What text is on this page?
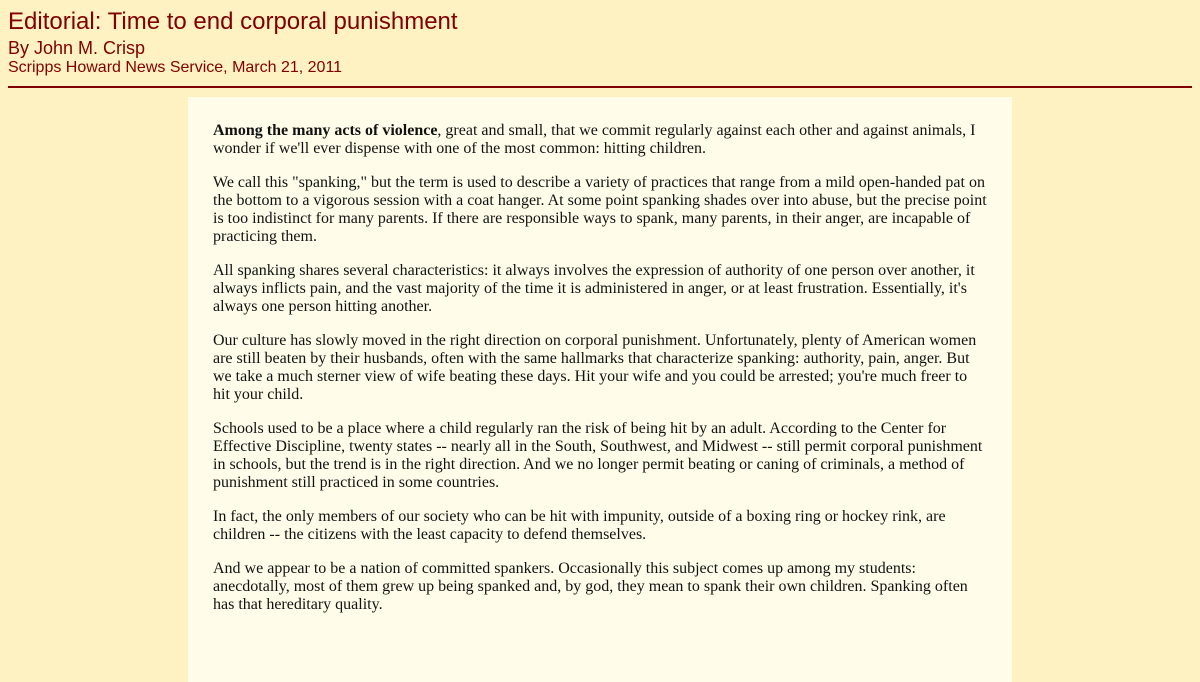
Editorial: Time to end corporal punishment
By John M. Crisp
Scripps Howard News Service, March 21, 2011

Among the many acts of violence, great and small, that we commit regularly against each other and against animals, I wonder if we'll ever dispense with one of the most common: hitting children.

We call this "spanking," but the term is used to describe a variety of practices that range from a mild open-handed pat on the bottom to a vigorous session with a coat hanger. At some point spanking shades over into abuse, but the precise point is too indistinct for many parents. If there are responsible ways to spank, many parents, in their anger, are incapable of practicing them.

All spanking shares several characteristics: it always involves the expression of authority of one person over another, it always inflicts pain, and the vast majority of the time it is administered in anger, or at least frustration. Essentially, it's always one person hitting another.

Our culture has slowly moved in the right direction on corporal punishment. Unfortunately, plenty of American women are still beaten by their husbands, often with the same hallmarks that characterize spanking: authority, pain, anger. But we take a much sterner view of wife beating these days. Hit your wife and you could be arrested; you're much freer to hit your child.

Schools used to be a place where a child regularly ran the risk of being hit by an adult. According to the Center for Effective Discipline, twenty states -- nearly all in the South, Southwest, and Midwest -- still permit corporal punishment in schools, but the trend is in the right direction. And we no longer permit beating or caning of criminals, a method of punishment still practiced in some countries.

In fact, the only members of our society who can be hit with impunity, outside of a boxing ring or hockey rink, are children -- the citizens with the least capacity to defend themselves.

And we appear to be a nation of committed spankers. Occasionally this subject comes up among my students: anecdotally, most of them grew up being spanked and, by god, they mean to spank their own children. Spanking often has that hereditary quality.
